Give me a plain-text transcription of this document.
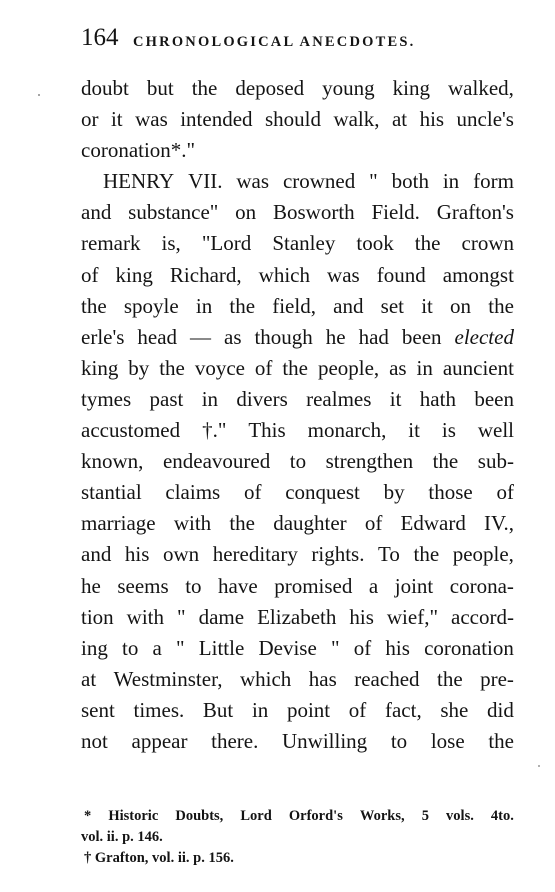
164 CHRONOLOGICAL ANECDOTES.
doubt but the deposed young king walked,
or it was intended should walk, at his uncle's
coronation*."
HENRY VII. was crowned " both in form
and substance" on Bosworth Field. Grafton's
remark is, "Lord Stanley took the crown
of king Richard, which was found amongst
the spoyle in the field, and set it on the
erle's head — as though he had been elected
king by the voyce of the people, as in auncient
tymes past in divers realmes it hath been
accustomed †." This monarch, it is well
known, endeavoured to strengthen the sub-
stantial claims of conquest by those of
marriage with the daughter of Edward IV.,
and his own hereditary rights. To the people,
he seems to have promised a joint corona-
tion with " dame Elizabeth his wief," accord-
ing to a " Little Devise " of his coronation
at Westminster, which has reached the pre-
sent times. But in point of fact, she did
not appear there. Unwilling to lose the
* Historic Doubts, Lord Orford's Works, 5 vols. 4to.
vol. ii. p. 146.
† Grafton, vol. ii. p. 156.
